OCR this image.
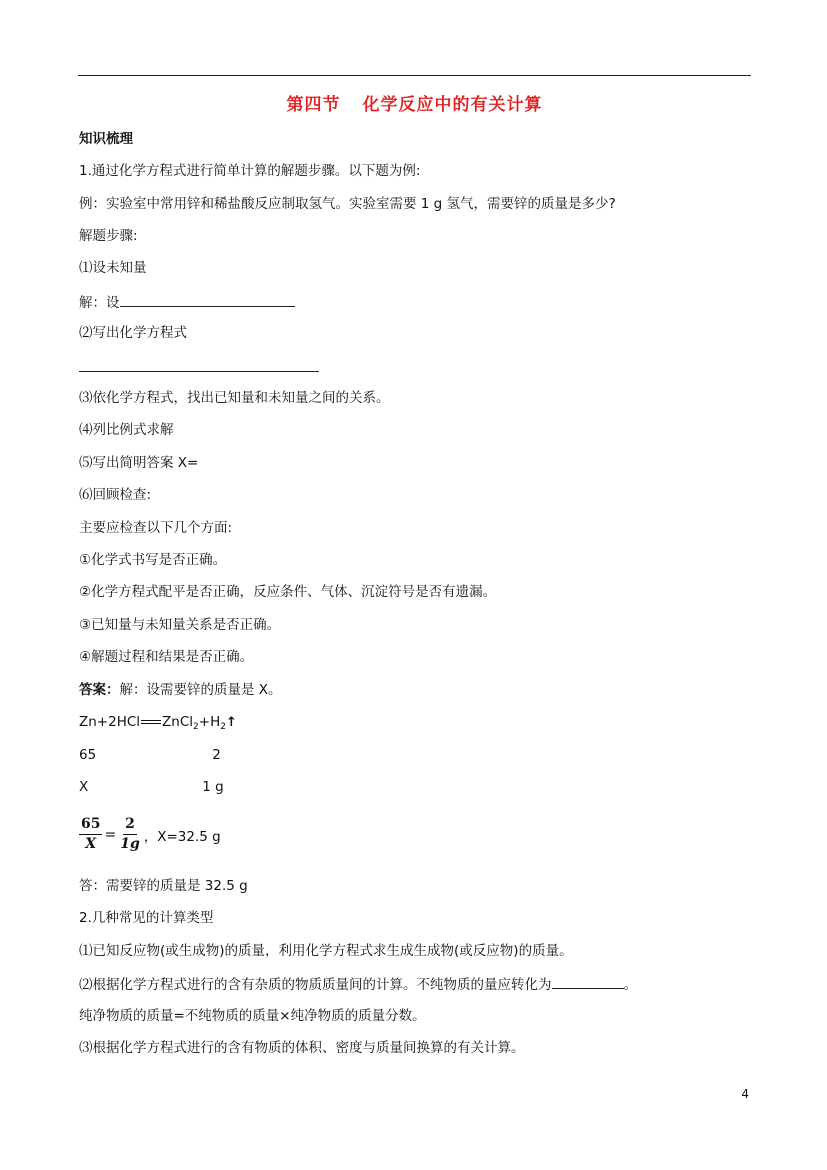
第四节 化学反应中的有关计算
知识梳理
1.通过化学方程式进行简单计算的解题步骤。以下题为例:
例：实验室中常用锌和稀盐酸反应制取氢气。实验室需要 1 g 氢气，需要锌的质量是多少?
解题步骤:
⑴设未知量
解：设
⑵写出化学方程式
⑶依化学方程式，找出已知量和未知量之间的关系。
⑷列比例式求解
⑸写出简明答案 X=
⑹回顾检查:
主要应检查以下几个方面:
①化学式书写是否正确。
②化学方程式配平是否正确，反应条件、气体、沉淀符号是否有遗漏。
③已知量与未知量关系是否正确。
④解题过程和结果是否正确。
答案：解：设需要锌的质量是 X。
Zn+2HCl $ZnCl_2+H_2↑$
65	2
X	1 g
$\frac{65}{X} = \frac{2}{1g}$ ，X=32.5 g
答：需要锌的质量是 32.5 g
2.几种常见的计算类型
⑴已知反应物(或生成物)的质量，利用化学方程式求生成生成物(或反应物)的质量。
⑵根据化学方程式进行的含有杂质的物质质量间的计算。不纯物质的量应转化为	。
纯净物质的质量=不纯物质的质量×纯净物质的质量分数。
⑶根据化学方程式进行的含有物质的体积、密度与质量间换算的有关计算。
4
